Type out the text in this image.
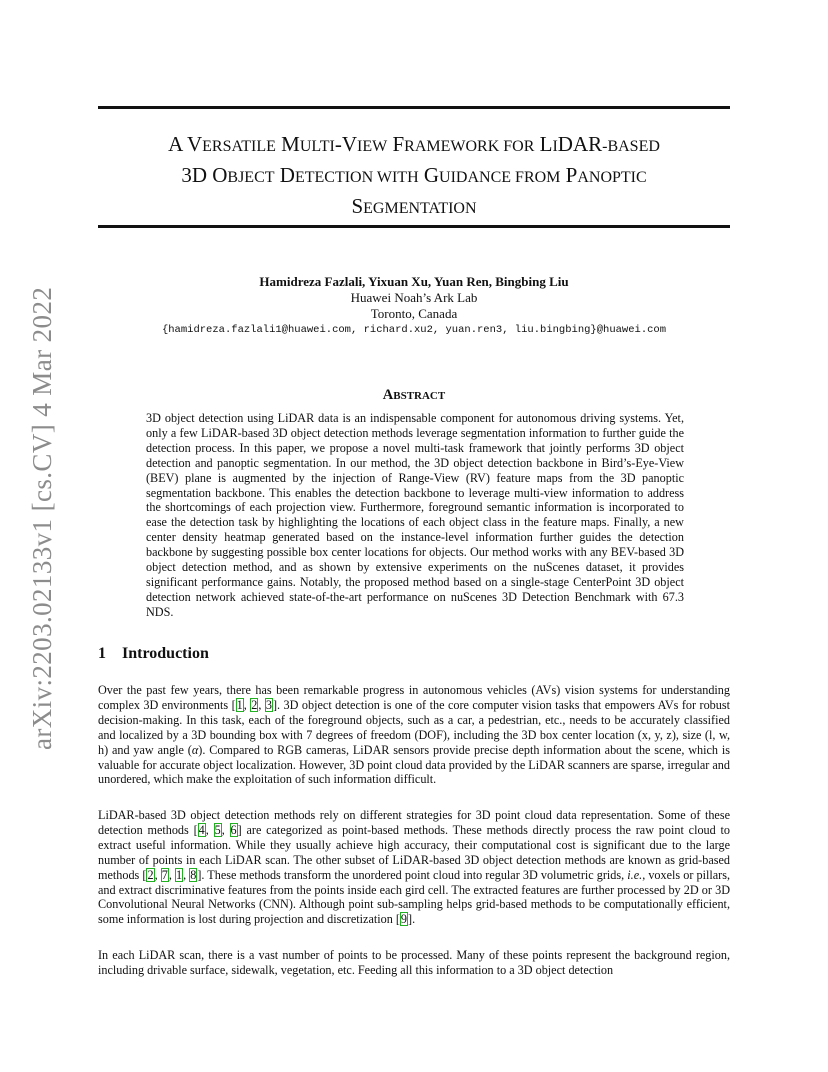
arXiv:2203.02133v1 [cs.CV] 4 Mar 2022
A VERSATILE MULTI-VIEW FRAMEWORK FOR LIDAR-BASED
3D OBJECT DETECTION WITH GUIDANCE FROM PANOPTIC
SEGMENTATION
Hamidreza Fazlali, Yixuan Xu, Yuan Ren, Bingbing Liu
Huawei Noah’s Ark Lab
Toronto, Canada
{hamidreza.fazlali1@huawei.com, richard.xu2, yuan.ren3, liu.bingbing}@huawei.com
ABSTRACT

3D object detection using LiDAR data is an indispensable component for autonomous driving systems. Yet, only a few LiDAR-based 3D object detection methods leverage segmentation information to further guide the detection process. In this paper, we propose a novel multi-task framework that jointly performs 3D object detection and panoptic segmentation. In our method, the 3D object detection backbone in Bird’s-Eye-View (BEV) plane is augmented by the injection of Range-View (RV) feature maps from the 3D panoptic segmentation backbone. This enables the detection backbone to leverage multi-view information to address the shortcomings of each projection view. Furthermore, foreground semantic information is incorporated to ease the detection task by highlighting the locations of each object class in the feature maps. Finally, a new center density heatmap generated based on the instance-level information further guides the detection backbone by suggesting possible box center locations for objects. Our method works with any BEV-based 3D object detection method, and as shown by extensive experiments on the nuScenes dataset, it provides significant performance gains. Notably, the proposed method based on a single-stage CenterPoint 3D object detection network achieved state-of-the-art performance on nuScenes 3D Detection Benchmark with 67.3 NDS.

1 Introduction

Over the past few years, there has been remarkable progress in autonomous vehicles (AVs) vision systems for understanding complex 3D environments [1, 2, 3]. 3D object detection is one of the core computer vision tasks that empowers AVs for robust decision-making. In this task, each of the foreground objects, such as a car, a pedestrian, etc., needs to be accurately classified and localized by a 3D bounding box with 7 degrees of freedom (DOF), including the 3D box center location (x, y, z), size (l, w, h) and yaw angle (α). Compared to RGB cameras, LiDAR sensors provide precise depth information about the scene, which is valuable for accurate object localization. However, 3D point cloud data provided by the LiDAR scanners are sparse, irregular and unordered, which make the exploitation of such information difficult.

LiDAR-based 3D object detection methods rely on different strategies for 3D point cloud data representation. Some of these detection methods [4, 5, 6] are categorized as point-based methods. These methods directly process the raw point cloud to extract useful information. While they usually achieve high accuracy, their computational cost is significant due to the large number of points in each LiDAR scan. The other subset of LiDAR-based 3D object detection methods are known as grid-based methods [2, 7, 1, 8]. These methods transform the unordered point cloud into regular 3D volumetric grids, i.e., voxels or pillars, and extract discriminative features from the points inside each gird cell. The extracted features are further processed by 2D or 3D Convolutional Neural Networks (CNN). Although point sub-sampling helps grid-based methods to be computationally efficient, some information is lost during projection and discretization [9].

In each LiDAR scan, there is a vast number of points to be processed. Many of these points represent the background region, including drivable surface, sidewalk, vegetation, etc. Feeding all this information to a 3D object detection
